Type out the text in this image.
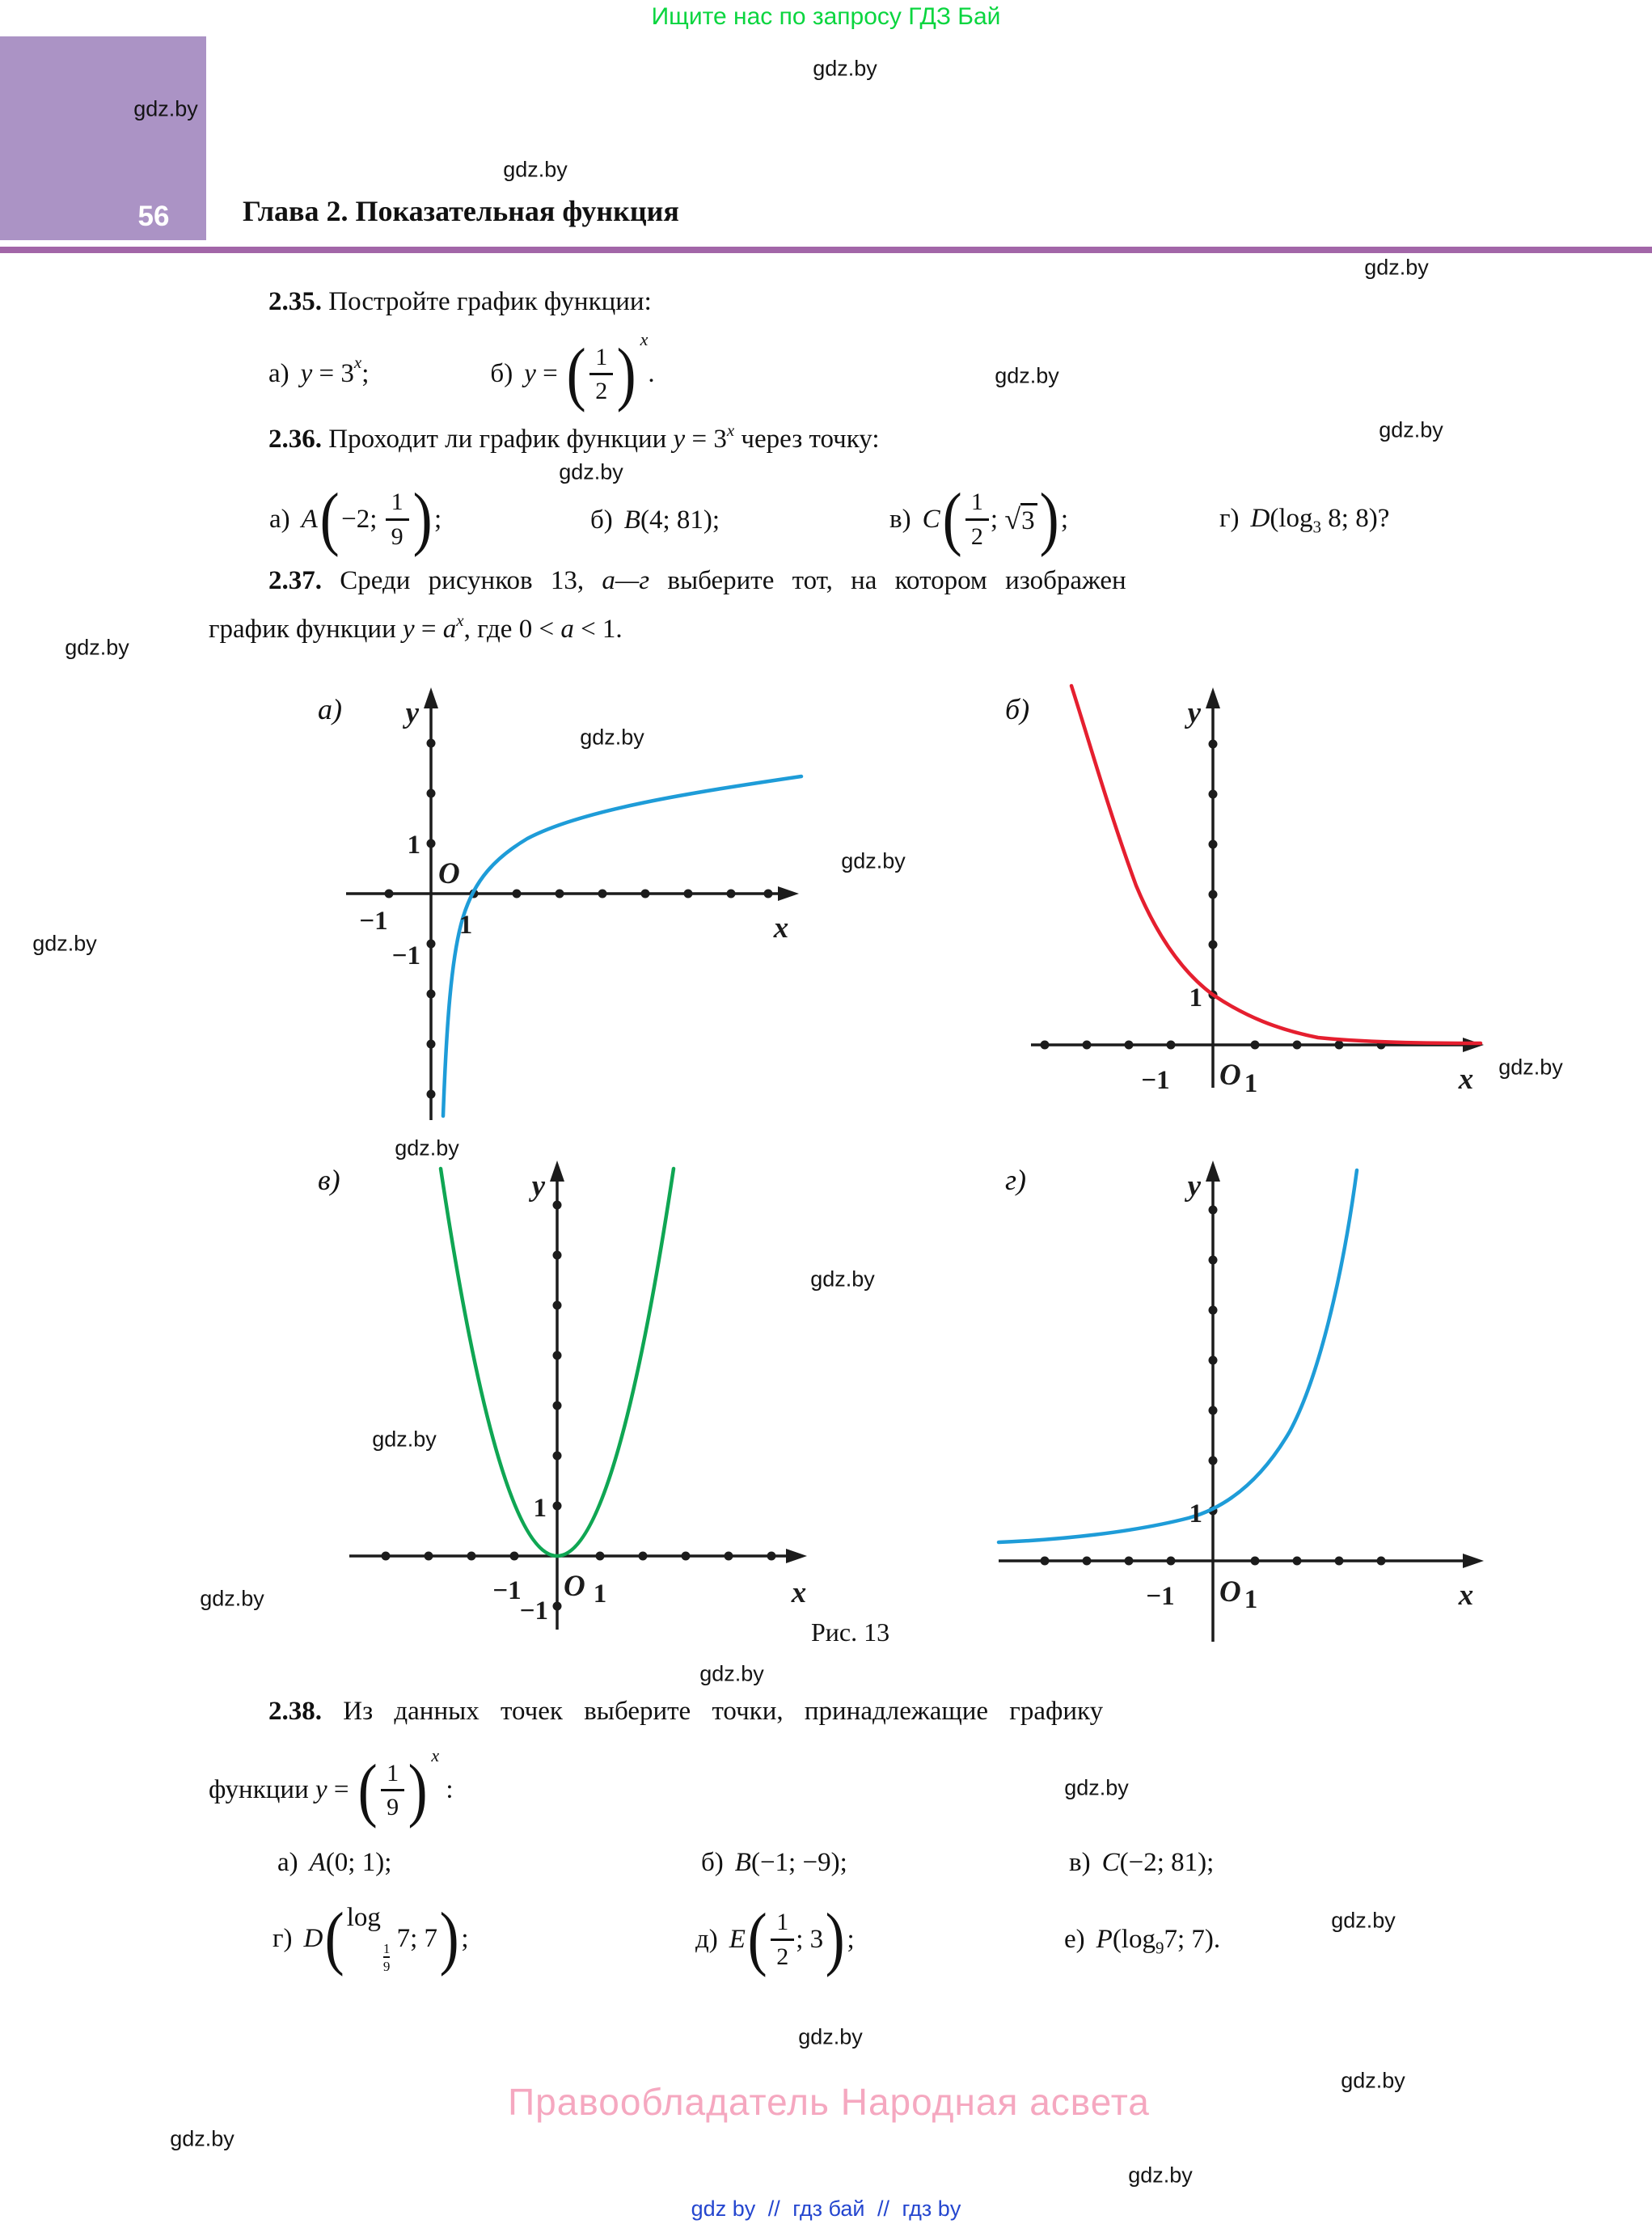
Ищите нас по запросу ГДЗ Бай
56	Глава 2. Показательная функция
gdz.by
gdz.by
gdz.by
gdz.by
gdz.by
gdz.by
gdz.by
gdz.by
gdz.by
gdz.by
gdz.by
gdz.by
gdz.by
gdz.by
gdz.by
gdz.by
gdz.by
gdz.by
gdz.by
gdz.by
gdz.by
gdz.by
gdz.by
2.35. Постройте график функции:
а) y = 3 x ;	б) y = ( $\frac{1}{2}$ ) x
.
2.36. Проходит ли график функции $y = 3^x$ через точку:
а) A ( −2; $\frac{1}{9}$ ) ;	б) B(4; 81);	в) C ( $\frac{1}{2}$ ; √ 3 ) ;	г) $D(\log_3$ 8; 8)?
2.37. Среди рисунков 13, а—г выберите тот, на котором изображен
график функции $y = a^x$, где 0 < a < 1.
а) y
x
O
1
−1	1
−1
б)	y
x
O
1
−1	1
в)	y
x
O
1
−1	1
−1
г)	y
x
O
1
−1	1
Рис. 13
2.38. Из данных точек выберите точки, принадлежащие графику
функции y = ( $\frac{1}{9}$ ) x
:
а) A(0; 1);	б) B(−1; −9);	в) C(−2; 81);
г) D ( log
$\frac{1}{9}$
7; 7 ) ;	д) E ( $\frac{1}{2}$ ; 3 ) ;	е) $P(\log_97$; 7).
Правообладатель Народная асвета
gdz by // гдз бай // гдз by
